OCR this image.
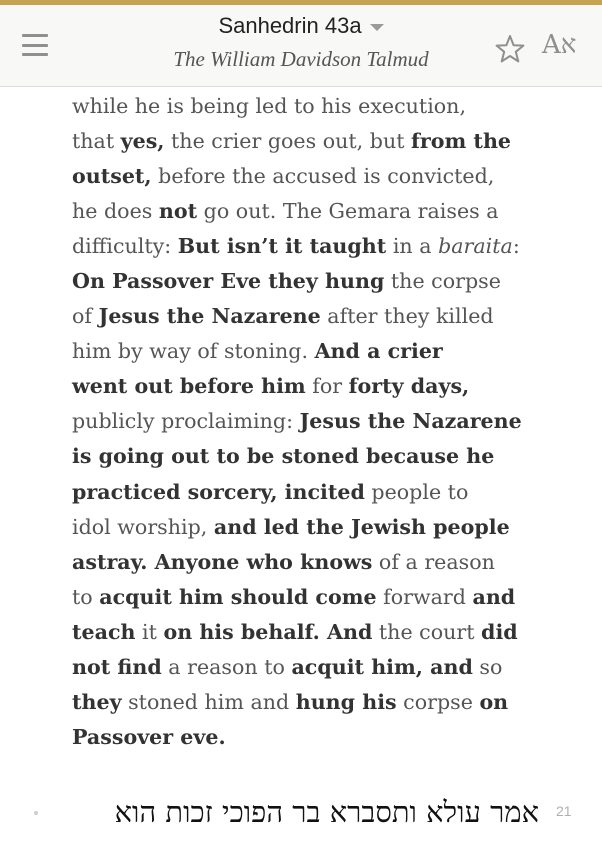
Sanhedrin 43a
The William Davidson Talmud	Aא

while he is being led to his execution,

that yes, the crier goes out, but from the

outset, before the accused is convicted,

he does not go out. The Gemara raises a

difficulty: But isn’t it taught in a baraita:

On Passover Eve they hung the corpse

of Jesus the Nazarene after they killed

him by way of stoning. And a crier

went out before him for forty days,

publicly proclaiming: Jesus the Nazarene

is going out to be stoned because he

practiced sorcery, incited people to

idol worship, and led the Jewish people

astray. Anyone who knows of a reason

to acquit him should come forward and

teach it on his behalf. And the court did

not find a reason to acquit him, and so

they stoned him and hung his corpse on

Passover eve.

אמר עולא ותסברא בר הפוכי זכות הוא 21
